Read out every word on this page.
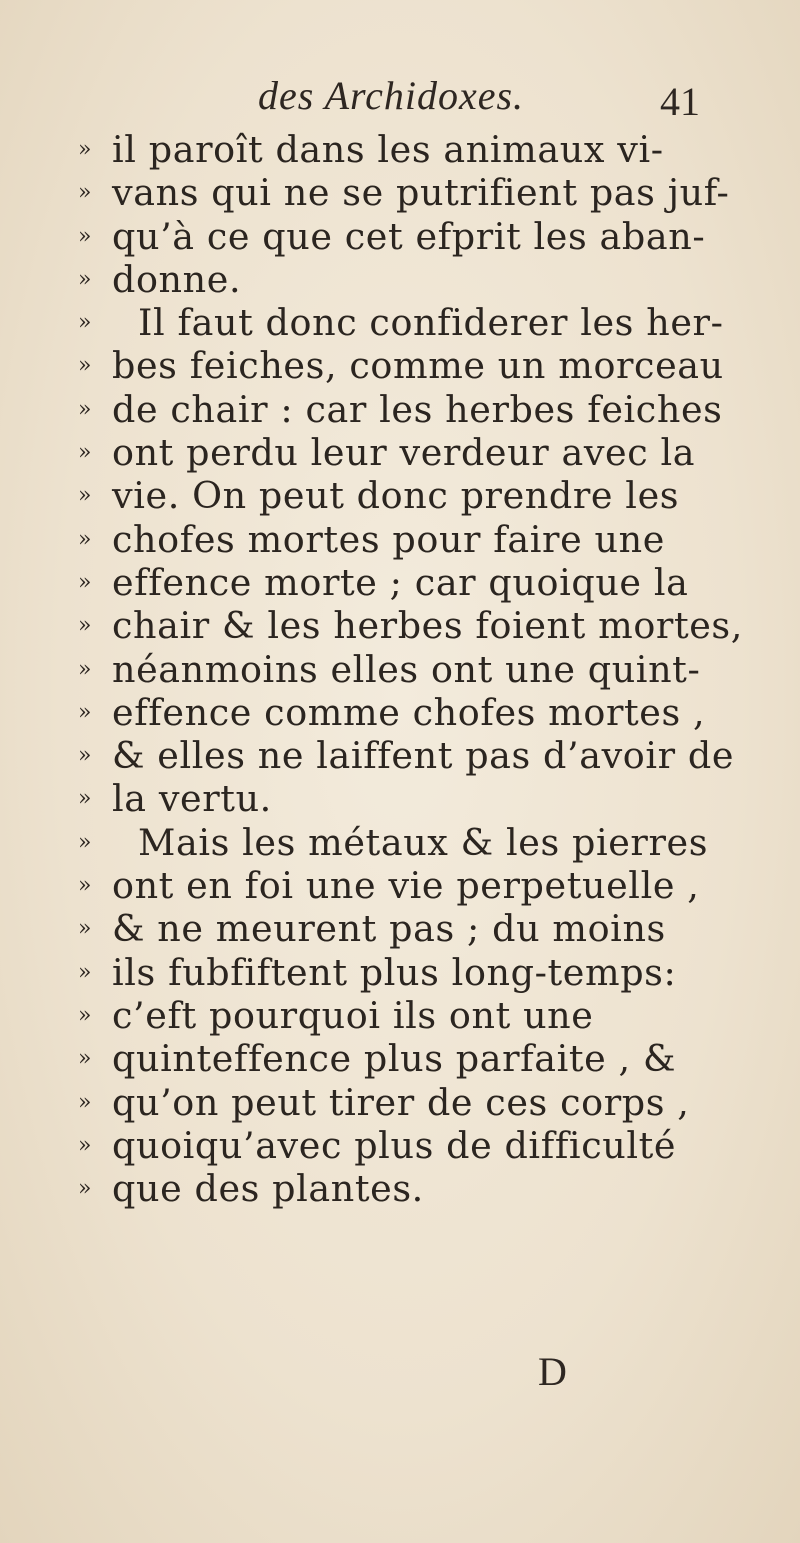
des Archidoxes.	41
» il paroît dans les animaux vi-
» vans qui ne se putrifient pas juf-
» qu’à ce que cet efprit les aban-
» donne.
» Il faut donc confiderer les her-
» bes feiches, comme un morceau
» de chair : car les herbes feiches
» ont perdu leur verdeur avec la
» vie. On peut donc prendre les
» chofes mortes pour faire une
» effence morte ; car quoique la
» chair & les herbes foient mortes,
» néanmoins elles ont une quint-
» effence comme chofes mortes ,
» & elles ne laiffent pas d’avoir de
» la vertu.
» Mais les métaux & les pierres
» ont en foi une vie perpetuelle ,
» & ne meurent pas ; du moins
» ils fubfiftent plus long-temps:
» c’eft pourquoi ils ont une
» quinteffence plus parfaite , &
» qu’on peut tirer de ces corps ,
» quoiqu’avec plus de difficulté
» que des plantes.
D
